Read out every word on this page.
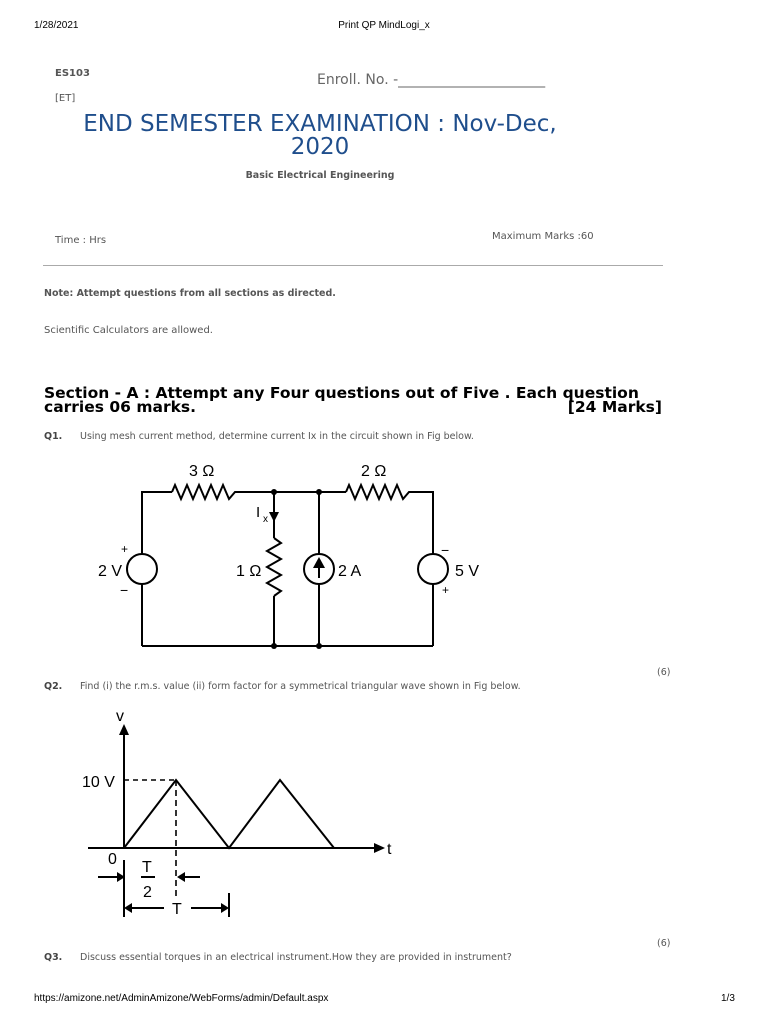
1/28/2021	Print QP MindLogi_x
https://amizone.net/AdminAmizone/WebForms/admin/Default.aspx	1/3
ES103
[ET]
Enroll. No. -_____________________
END SEMESTER EXAMINATION : Nov-Dec,
2020
Basic Electrical Engineering
Time : Hrs	Maximum Marks :60
Note: Attempt questions from all sections as directed.
Scientific Calculators are allowed.
Section - A : Attempt any Four questions out of Five . Each question
carries 06 marks.	[24 Marks]
Q1. Using mesh current method, determine current Ix in the circuit shown in Fig below.
3 Ω	2 Ω
1 Ω
I x
2 V	2 A	5 V
+
−
−
+
(6)
Q2. Find (i) the r.m.s. value (ii) form factor for a symmetrical triangular wave shown in Fig below.
v
t
10 V
0 T
2
T
(6)
Q3. Discuss essential torques in an electrical instrument.How they are provided in instrument?
